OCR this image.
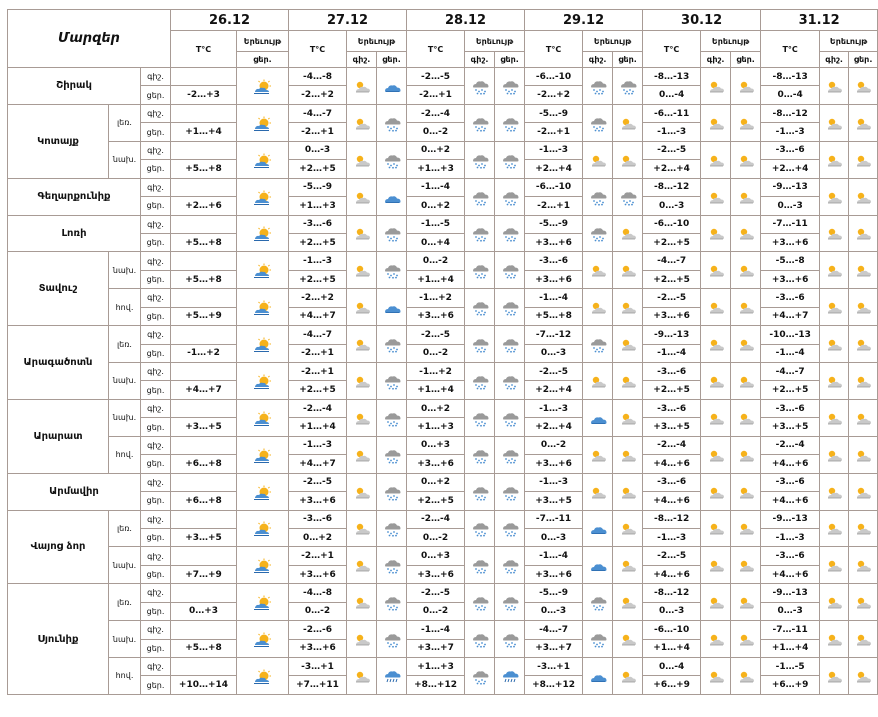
Մարզեր			26.12		27.12			28.12			29.12			30.12			31.12		
			T°C	Երեւույթ	T°C	Երեւույթ		T°C	Երեւույթ		T°C	Երեւույթ		T°C	Երեւույթ		T°C	Երեւույթ	
				ցեր.		գիշ.	ցեր.		գիշ.	ցեր.		գիշ.	ցեր.		գիշ.	ցեր.		գիշ.	ցեր.
Շիրակ		գիշ.			-4…-8			-2…-5			-6…-10			-8…-13			-8…-13		
		ցեր.	-2…+3		-2…+2			-2…+1			-2…+2			0…-4			0…-4		
Կոտայք	լեռ.	գիշ.			-4…-7			-2…-4			-5…-9			-6…-11			-8…-12		
		ցեր.	+1…+4		-2…+1			0…-2			-2…+1			-1…-3			-1…-3		
	նախ.	գիշ.			0…-3			0…+2			-1…-3			-2…-5			-3…-6		
		ցեր.	+5…+8		+2…+5			+1…+3			+2…+4			+2…+4			+2…+4		
Գեղարքունիք		գիշ.			-5…-9			-1…-4			-6…-10			-8…-12			-9…-13		
		ցեր.	+2…+6		+1…+3			0…+2			-2…+1			0…-3			0…-3		
Լոռի		գիշ.			-3…-6			-1…-5			-5…-9			-6…-10			-7…-11		
		ցեր.	+5…+8		+2…+5			0…+4			+3…+6			+2…+5			+3…+6		
Տավուշ	նախ.	գիշ.			-1…-3			0…-2			-3…-6			-4…-7			-5…-8		
		ցեր.	+5…+8		+2…+5			+1…+4			+3…+6			+2…+5			+3…+6		
	հով.	գիշ.			-2…+2			-1…+2			-1…-4			-2…-5			-3…-6		
		ցեր.	+5…+9		+4…+7			+3…+6			+5…+8			+3…+6			+4…+7		
Արագածոտն	լեռ.	գիշ.			-4…-7			-2…-5			-7…-12			-9…-13			-10…-13		
		ցեր.	-1…+2		-2…+1			0…-2			0…-3			-1…-4			-1…-4		
	նախ.	գիշ.			-2…+1			-1…+2			-2…-5			-3…-6			-4…-7		
		ցեր.	+4…+7		+2…+5			+1…+4			+2…+4			+2…+5			+2…+5		
Արարատ	նախ.	գիշ.			-2…-4			0…+2			-1…-3			-3…-6			-3…-6		
		ցեր.	+3…+5		+1…+4			+1…+3			+2…+4			+3…+5			+3…+5		
	հով.	գիշ.			-1…-3			0…+3			0…-2			-2…-4			-2…-4		
		ցեր.	+6…+8		+4…+7			+3…+6			+3…+6			+4…+6			+4…+6		
Արմավիր		գիշ.			-2…-5			0…+2			-1…-3			-3…-6			-3…-6		
		ցեր.	+6…+8		+3…+6			+2…+5			+3…+5			+4…+6			+4…+6		
Վայոց ձոր	լեռ.	գիշ.			-3…-6			-2…-4			-7…-11			-8…-12			-9…-13		
		ցեր.	+3…+5		0…+2			0…-2			0…-3			-1…-3			-1…-3		
	նախ.	գիշ.			-2…+1			0…+3			-1…-4			-2…-5			-3…-6		
		ցեր.	+7…+9		+3…+6			+3…+6			+3…+6			+4…+6			+4…+6		
Սյունիք	լեռ.	գիշ.			-4…-8			-2…-5			-5…-9			-8…-12			-9…-13		
		ցեր.	0…+3		0…-2			0…-2			0…-3			0…-3			0…-3		
	նախ.	գիշ.			-2…-6			-1…-4			-4…-7			-6…-10			-7…-11		
		ցեր.	+5…+8		+3…+6			+3…+7			+3…+7			+1…+4			+1…+4		
	հով.	գիշ.			-3…+1			+1…+3			-3…+1			0…-4			-1…-5		
		ցեր.	+10…+14		+7…+11			+8…+12			+8…+12			+6…+9			+6…+9		
